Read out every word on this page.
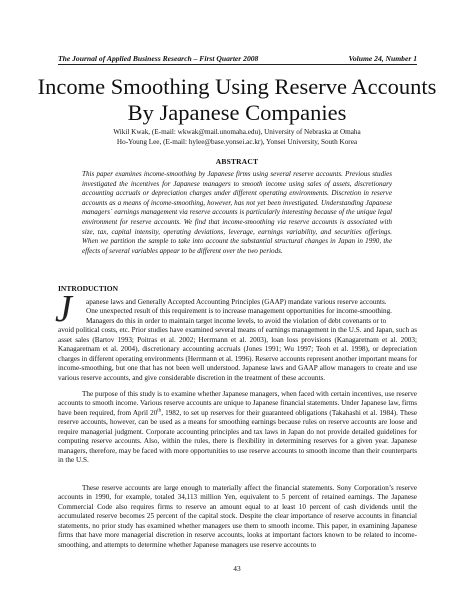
The Journal of Applied Business Research – First Quarter 2008	Volume 24, Number 1
Income Smoothing Using Reserve Accounts
By Japanese Companies
Wikil Kwak, (E-mail: wkwak@mail.unomaha.edu), University of Nebraska at Omaha
Ho-Young Lee, (E-mail: hylee@base.yonsei.ac.kr), Yonsei University, South Korea
ABSTRACT

This paper examines income-smoothing by Japanese firms using several reserve accounts. Previous studies investigated the incentives for Japanese managers to smooth income using sales of assets, discretionary accounting accruals or depreciation charges under different operating environments. Discretion in reserve accounts as a means of income-smoothing, however, has not yet been investigated. Understanding Japanese managers` earnings management via reserve accounts is particularly interesting because of the unique legal environment for reserve accounts. We find that income-smoothing via reserve accounts is associated with size, tax, capital intensity, operating deviations, leverage, earnings variability, and securities offerings. When we partition the sample to take into account the substantial structural changes in Japan in 1990, the effects of several variables appear to be different over the two periods.

INTRODUCTION
J	apanese laws and Generally Accepted Accounting Principles (GAAP) mandate various reserve accounts.
One unexpected result of this requirement is to increase management opportunities for income-smoothing.
Managers do this in order to maintain target income levels, to avoid the violation of debt covenants or to
avoid political costs, etc. Prior studies have examined several means of earnings management in the U.S. and Japan, such as asset sales (Bartov 1993; Poitras et al. 2002; Herrmann et al. 2003), loan loss provisions (Kanagaretnam et al. 2003; Kanagaretnam et al. 2004), discretionary accounting accruals (Jones 1991; Wu 1997; Teoh et al. 1998), or depreciation charges in different operating environments (Herrmann et al. 1996). Reserve accounts represent another important means for income-smoothing, but one that has not been well understood. Japanese laws and GAAP allow managers to create and use various reserve accounts, and give considerable discretion in the treatment of these accounts.

The purpose of this study is to examine whether Japanese managers, when faced with certain incentives, use reserve accounts to smooth income. Various reserve accounts are unique to Japanese financial statements. Under Japanese law, firms have been required, from April 20th, 1982, to set up reserves for their guaranteed obligations (Takahashi et al. 1984). These reserve accounts, however, can be used as a means for smoothing earnings because rules on reserve accounts are loose and require managerial judgment. Corporate accounting principles and tax laws in Japan do not provide detailed guidelines for computing reserve accounts. Also, within the rules, there is flexibility in determining reserves for a given year. Japanese managers, therefore, may be faced with more opportunities to use reserve accounts to smooth income than their counterparts in the U.S.

These reserve accounts are large enough to materially affect the financial statements. Sony Corporation’s reserve accounts in 1990, for example, totaled 34,113 million Yen, equivalent to 5 percent of retained earnings. The Japanese Commercial Code also requires firms to reserve an amount equal to at least 10 percent of cash dividends until the accumulated reserve becomes 25 percent of the capital stock. Despite the clear importance of reserve accounts in financial statements, no prior study has examined whether managers use them to smooth income. This paper, in examining Japanese firms that have more managerial discretion in reserve accounts, looks at important factors known to be related to income-smoothing, and attempts to determine whether Japanese managers use reserve accounts to

43
